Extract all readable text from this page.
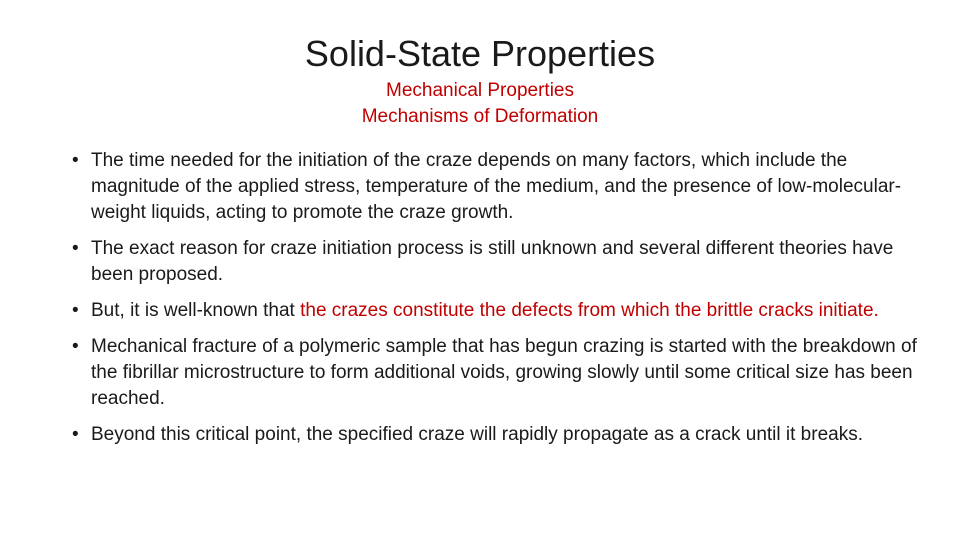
Solid-State Properties
Mechanical Properties
Mechanisms of Deformation
• The time needed for the initiation of the craze depends on many factors, which include the magnitude of the applied stress, temperature of the medium, and the presence of low-molecular-weight liquids, acting to promote the craze growth.
• The exact reason for craze initiation process is still unknown and several different theories have been proposed.
• But, it is well-known that the crazes constitute the defects from which the brittle cracks initiate.
• Mechanical fracture of a polymeric sample that has begun crazing is started with the breakdown of the fibrillar microstructure to form additional voids, growing slowly until some critical size has been reached.
• Beyond this critical point, the specified craze will rapidly propagate as a crack until it breaks.
